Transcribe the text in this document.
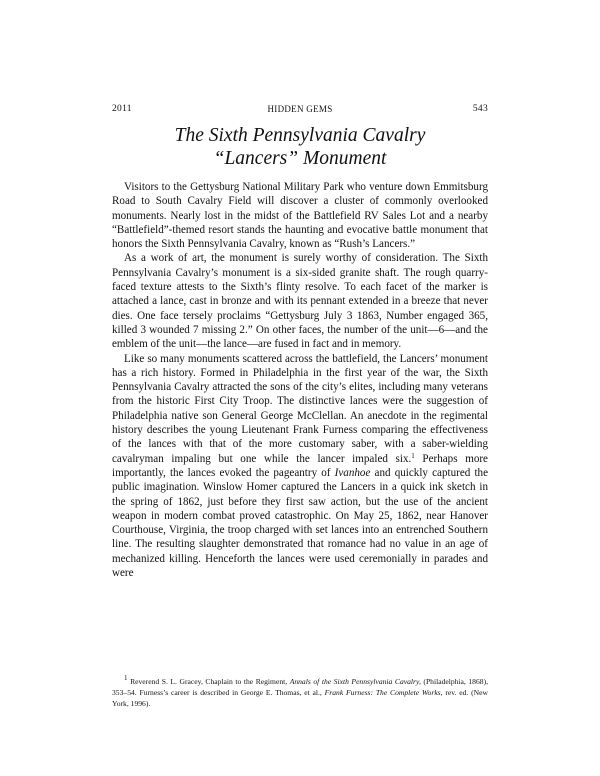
2011	HIDDEN GEMS	543
The Sixth Pennsylvania Cavalry
“Lancers” Monument

Visitors to the Gettysburg National Military Park who venture down Emmitsburg Road to South Cavalry Field will discover a cluster of commonly overlooked monuments. Nearly lost in the midst of the Battlefield RV Sales Lot and a nearby “Battlefield”-themed resort stands the haunting and evocative battle monument that honors the Sixth Pennsylvania Cavalry, known as “Rush’s Lancers.”

As a work of art, the monument is surely worthy of consideration. The Sixth Pennsylvania Cavalry’s monument is a six-sided granite shaft. The rough quarry-faced texture attests to the Sixth’s flinty resolve. To each facet of the marker is attached a lance, cast in bronze and with its pennant extended in a breeze that never dies. One face tersely proclaims “Gettysburg July 3 1863, Number engaged 365, killed 3 wounded 7 missing 2.” On other faces, the number of the unit—6—and the emblem of the unit—the lance—are fused in fact and in memory.

Like so many monuments scattered across the battlefield, the Lancers’ monument has a rich history. Formed in Philadelphia in the first year of the war, the Sixth Pennsylvania Cavalry attracted the sons of the city’s elites, including many veterans from the historic First City Troop. The distinctive lances were the suggestion of Philadelphia native son General George McClellan. An anecdote in the regimental history describes the young Lieutenant Frank Furness comparing the effectiveness of the lances with that of the more customary saber, with a saber-wielding cavalryman impaling but one while the lancer impaled six.$^1$ Perhaps more importantly, the lances evoked the pageantry of Ivanhoe and quickly captured the public imagination. Winslow Homer captured the Lancers in a quick ink sketch in the spring of 1862, just before they first saw action, but the use of the ancient weapon in modern combat proved catastrophic. On May 25, 1862, near Hanover Courthouse, Virginia, the troop charged with set lances into an entrenched Southern line. The resulting slaughter demonstrated that romance had no value in an age of mechanized killing. Henceforth the lances were used ceremonially in parades and were

$^1$ Reverend S. L. Gracey, Chaplain to the Regiment, Annals of the Sixth Pennsylvania Cavalry, (Philadelphia, 1868), 353–54. Furness’s career is described in George E. Thomas, et al., Frank Furness: The Complete Works, rev. ed. (New York, 1996).
